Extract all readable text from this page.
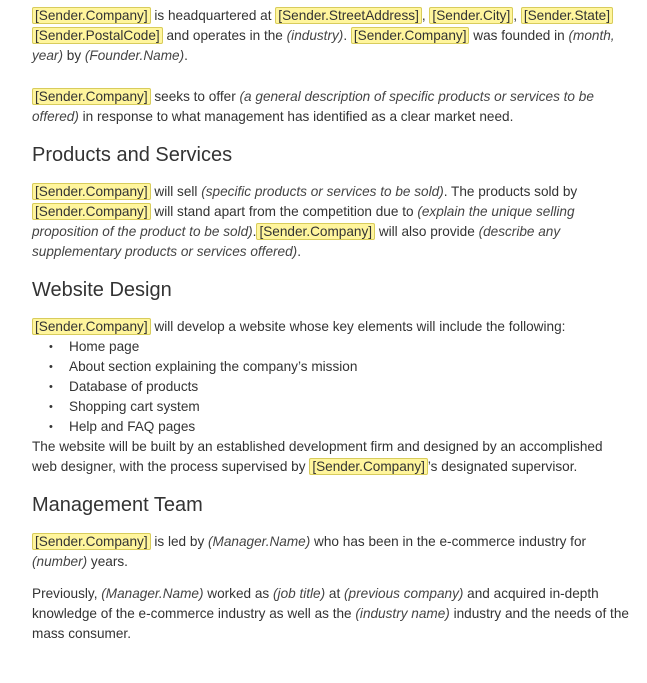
[Sender.Company] is headquartered at [Sender.StreetAddress] , [Sender.City] , [Sender.State] [Sender.PostalCode] and operates in the (industry). [Sender.Company] was founded in (month, year) by (Founder.Name).

[Sender.Company] seeks to offer (a general description of specific products or services to be offered) in response to what management has identified as a clear market need.

Products and Services

[Sender.Company] will sell (specific products or services to be sold). The products sold by [Sender.Company] will stand apart from the competition due to (explain the unique selling proposition of the product to be sold). [Sender.Company] will also provide (describe any supplementary products or services offered).

Website Design

[Sender.Company] will develop a website whose key elements will include the following:

• Home page
• About section explaining the company’s mission
• Database of products
• Shopping cart system
• Help and FAQ pages

The website will be built by an established development firm and designed by an accomplished web designer, with the process supervised by [Sender.Company] ’s designated supervisor.

Management Team

[Sender.Company] is led by (Manager.Name) who has been in the e-commerce industry for (number) years.

Previously, (Manager.Name) worked as (job title) at (previous company) and acquired in-depth knowledge of the e-commerce industry as well as the (industry name) industry and the needs of the mass consumer.
